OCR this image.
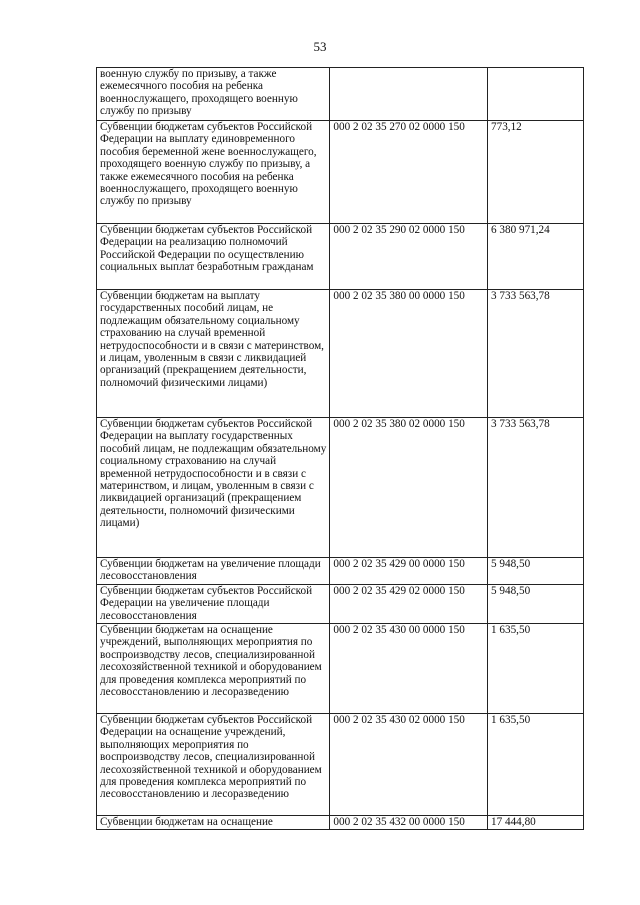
53
военную службу по призыву, а также ежемесячного пособия на ребенка военнослужащего, проходящего военную службу по призыву		
Субвенции бюджетам субъектов Российской Федерации на выплату единовременного пособия беременной жене военнослужащего, проходящего военную службу по призыву, а также ежемесячного пособия на ребенка военнослужащего, проходящего военную службу по призыву	000 2 02 35 270 02 0000 150	773,12
Субвенции бюджетам субъектов Российской Федерации на реализацию полномочий Российской Федерации по осуществлению социальных выплат безработным гражданам	000 2 02 35 290 02 0000 150	6 380 971,24
Субвенции бюджетам на выплату государственных пособий лицам, не подлежащим обязательному социальному страхованию на случай временной нетрудоспособности и в связи с материнством, и лицам, уволенным в связи с ликвидацией организаций (прекращением деятельности, полномочий физическими лицами)	000 2 02 35 380 00 0000 150	3 733 563,78
Субвенции бюджетам субъектов Российской Федерации на выплату государственных пособий лицам, не подлежащим обязательному социальному страхованию на случай временной нетрудоспособности и в связи с материнством, и лицам, уволенным в связи с ликвидацией организаций (прекращением деятельности, полномочий физическими лицами)	000 2 02 35 380 02 0000 150	3 733 563,78
Субвенции бюджетам на увеличение площади лесовосстановления	000 2 02 35 429 00 0000 150	5 948,50
Субвенции бюджетам субъектов Российской Федерации на увеличение площади лесовосстановления	000 2 02 35 429 02 0000 150	5 948,50
Субвенции бюджетам на оснащение учреждений, выполняющих мероприятия по воспроизводству лесов, специализированной лесохозяйственной техникой и оборудованием для проведения комплекса мероприятий по лесовосстановлению и лесоразведению	000 2 02 35 430 00 0000 150	1 635,50
Субвенции бюджетам субъектов Российской Федерации на оснащение учреждений, выполняющих мероприятия по воспроизводству лесов, специализированной лесохозяйственной техникой и оборудованием для проведения комплекса мероприятий по лесовосстановлению и лесоразведению	000 2 02 35 430 02 0000 150	1 635,50
Субвенции бюджетам на оснащение	000 2 02 35 432 00 0000 150	17 444,80
